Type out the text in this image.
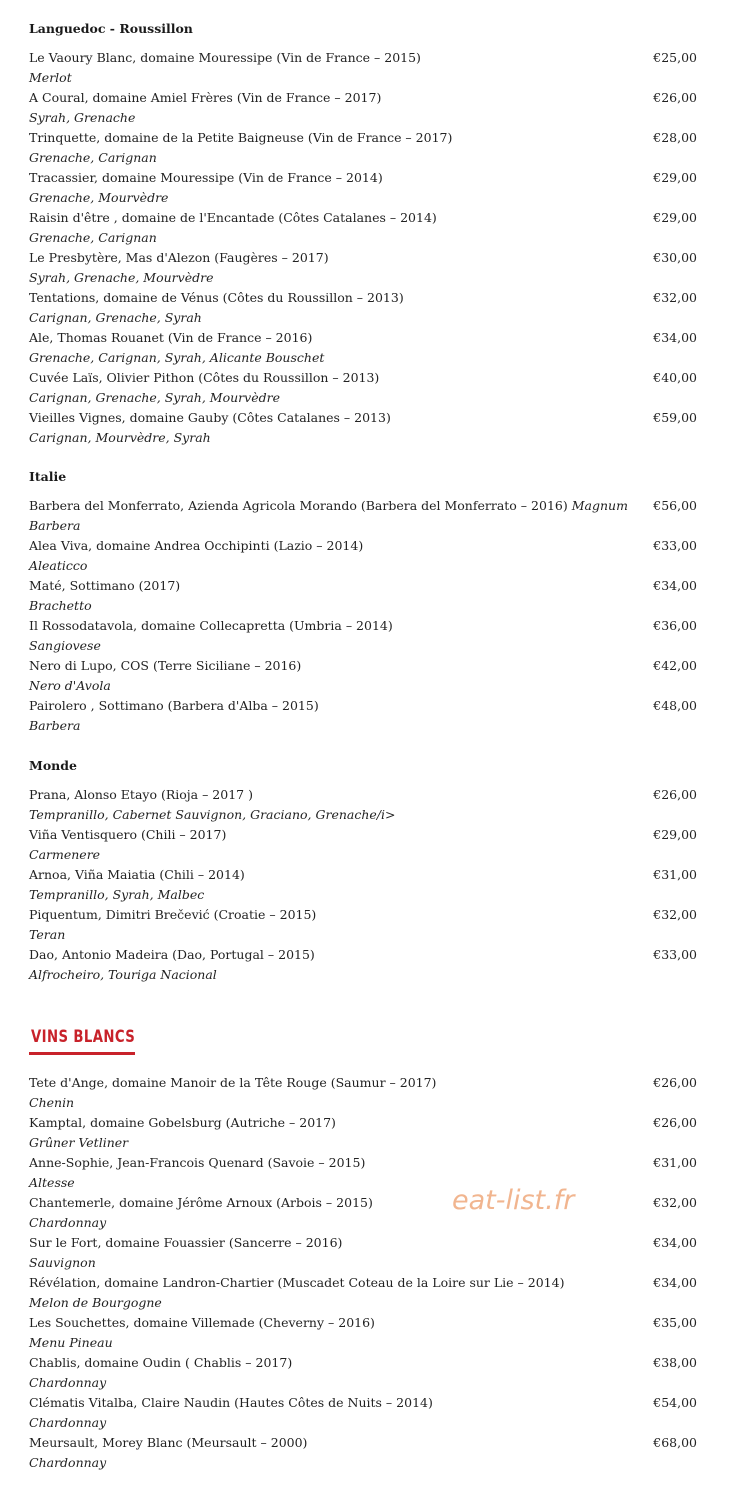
Languedoc - Roussillon
Le Vaoury Blanc, domaine Mouressipe (Vin de France – 2015)	€25,00
Merlot
A Coural, domaine Amiel Frères (Vin de France – 2017)	€26,00
Syrah, Grenache
Trinquette, domaine de la Petite Baigneuse (Vin de France – 2017)	€28,00
Grenache, Carignan
Tracassier, domaine Mouressipe (Vin de France – 2014)	€29,00
Grenache, Mourvèdre
Raisin d'être , domaine de l'Encantade (Côtes Catalanes – 2014)	€29,00
Grenache, Carignan
Le Presbytère, Mas d'Alezon (Faugères – 2017)	€30,00
Syrah, Grenache, Mourvèdre
Tentations, domaine de Vénus (Côtes du Roussillon – 2013)	€32,00
Carignan, Grenache, Syrah
Ale, Thomas Rouanet (Vin de France – 2016)	€34,00
Grenache, Carignan, Syrah, Alicante Bouschet
Cuvée Laïs, Olivier Pithon (Côtes du Roussillon – 2013)	€40,00
Carignan, Grenache, Syrah, Mourvèdre
Vieilles Vignes, domaine Gauby (Côtes Catalanes – 2013)	€59,00
Carignan, Mourvèdre, Syrah
Italie
Barbera del Monferrato, Azienda Agricola Morando (Barbera del Monferrato – 2016) Magnum €56,00
Barbera
Alea Viva, domaine Andrea Occhipinti (Lazio – 2014)	€33,00
Aleaticco
Maté, Sottimano (2017)	€34,00
Brachetto
Il Rossodatavola, domaine Collecapretta (Umbria – 2014)	€36,00
Sangiovese
Nero di Lupo, COS (Terre Siciliane – 2016)	€42,00
Nero d'Avola
Pairolero , Sottimano (Barbera d'Alba – 2015)	€48,00
Barbera
Monde
Prana, Alonso Etayo (Rioja – 2017 )	€26,00
Tempranillo, Cabernet Sauvignon, Graciano, Grenache/i>
Viña Ventisquero (Chili – 2017)	€29,00
Carmenere
Arnoa, Viña Maiatia (Chili – 2014)	€31,00
Tempranillo, Syrah, Malbec
Piquentum, Dimitri Brečević (Croatie – 2015)	€32,00
Teran
Dao, Antonio Madeira (Dao, Portugal – 2015)	€33,00
Alfrocheiro, Touriga Nacional
VINS BLANCS
Tete d'Ange, domaine Manoir de la Tête Rouge (Saumur – 2017)	€26,00
Chenin
Kamptal, domaine Gobelsburg (Autriche – 2017)	€26,00
Grûner Vetliner
Anne-Sophie, Jean-Francois Quenard (Savoie – 2015)	€31,00
Altesse
Chantemerle, domaine Jérôme Arnoux (Arbois – 2015)	€32,00
Chardonnay
Sur le Fort, domaine Fouassier (Sancerre – 2016)	€34,00
Sauvignon
Révélation, domaine Landron-Chartier (Muscadet Coteau de la Loire sur Lie – 2014)	€34,00
Melon de Bourgogne
Les Souchettes, domaine Villemade (Cheverny – 2016)	€35,00
Menu Pineau
Chablis, domaine Oudin ( Chablis – 2017)	€38,00
Chardonnay
Clématis Vitalba, Claire Naudin (Hautes Côtes de Nuits – 2014)	€54,00
Chardonnay
Meursault, Morey Blanc (Meursault – 2000)	€68,00
Chardonnay
eat-list.fr
